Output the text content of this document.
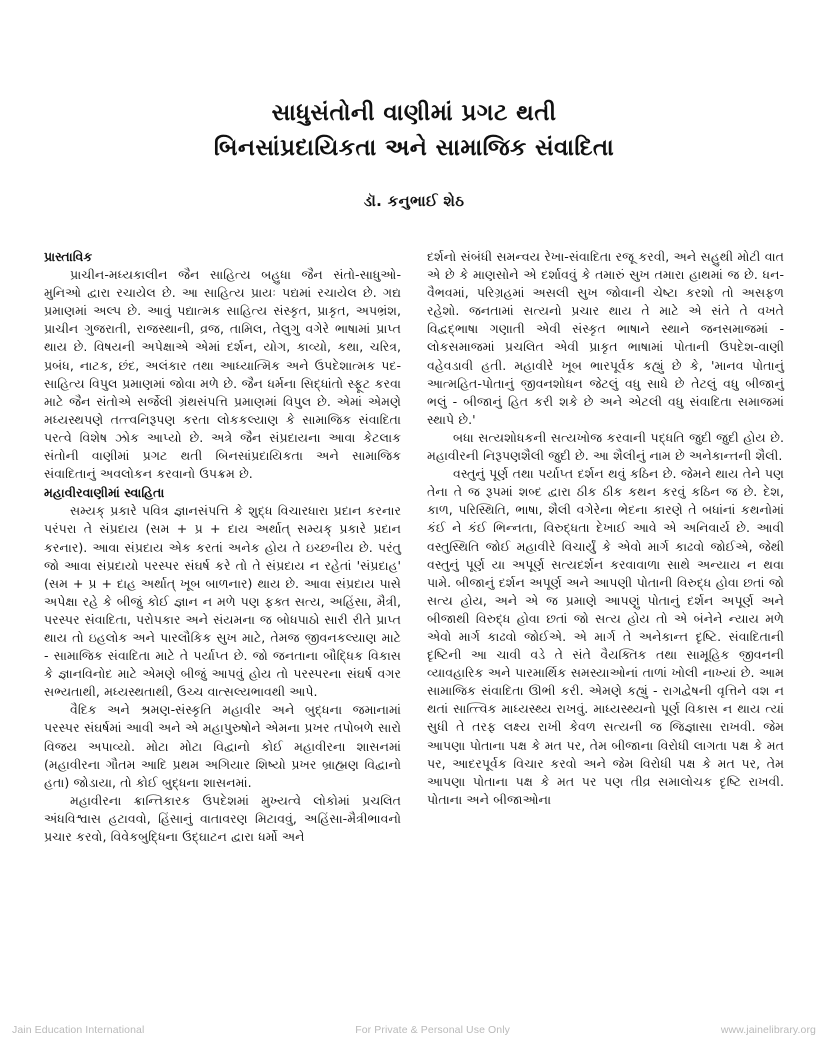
સાધુસંતોની વાણીમાં પ્રગટ થતી
બિનસાંપ્રદાયિકતા અને સામાજિક સંવાદિતા
ડૉ. કનુભાઈ શેઠ
પ્રાસ્તાવિક

પ્રાચીન-મધ્યકાલીન જૈન સાહિત્ય બહુધા જૈન સંતો-સાધુઓ-મુનિઓ દ્વારા રચાયેલ છે. આ સાહિત્ય પ્રાયઃ પદ્યમાં રચાયેલ છે. ગદ્ય પ્રમાણમાં અલ્પ છે. આવું પદ્યાત્મક સાહિત્ય સંસ્કૃત, પ્રાકૃત, અપભ્રંશ, પ્રાચીન ગુજરાતી, રાજસ્થાની, વ્રજ, તામિલ, તેલુગુ વગેરે ભાષામાં પ્રાપ્ત થાય છે. વિષયની અપેક્ષાએ એમાં દર્શન, યોગ, કાવ્યો, કથા, ચરિત્ર, પ્રબંધ, નાટક, છંદ, અલંકાર તથા આધ્યાત્મિક અને ઉપદેશાત્મક પદ-સાહિત્ય વિપુલ પ્રમાણમાં જોવા મળે છે. જૈન ધર્મના સિદ્ધાંતો સ્ફૂટ કરવા માટે જૈન સંતોએ સર્જેલી ગ્રંથસંપત્તિ પ્રમાણમાં વિપુલ છે. એમાં એમણે મધ્યસ્થપણે તત્ત્વનિરૂપણ કરતા લોકકલ્યાણ કે સામાજિક સંવાદિતા પરત્વે વિશેષ ઝોક આપ્યો છે. અત્રે જૈન સંપ્રદાયના આવા કેટલાક સંતોની વાણીમાં પ્રગટ થતી બિનસાંપ્રદાયિકતા અને સામાજિક સંવાદિતાનું અવલોકન કરવાનો ઉપક્રમ છે.

મહાવીરવાણીમાં સ્વાહિતા

સમ્યક્ પ્રકારે પવિત્ર જ્ઞાનસંપત્તિ કે શુદ્ધ વિચારધારા પ્રદાન કરનાર પરંપરા તે સંપ્રદાય (સમ + પ્ર + દાય અર્થાત્ સમ્યક્ પ્રકારે પ્રદાન કરનાર). આવા સંપ્રદાય એક કરતાં અનેક હોય તે ઇચ્છનીય છે. પરંતુ જો આવા સંપ્રદાયો પરસ્પર સંઘર્ષ કરે તો તે સંપ્રદાય ન રહેતાં 'સંપ્રદાહ' (સમ + પ્ર + દાહ અર્થાત્ ખૂબ બાળનાર) થાય છે. આવા સંપ્રદાય પાસે અપેક્ષા રહે કે બીજું કોઈ જ્ઞાન ન મળે પણ ફક્ત સત્ય, અહિંસા, મૈત્રી, પરસ્પર સંવાદિતા, પરોપકાર અને સંયમના જ બોધપાઠો સારી રીતે પ્રાપ્ત થાય તો ઇહલોક અને પારલૌકિક સુખ માટે, તેમજ જીવનકલ્યાણ માટે - સામાજિક સંવાદિતા માટે તે પર્યાપ્ત છે. જો જનતાના બૌદ્ધિક વિકાસ કે જ્ઞાનવિનોદ માટે એમણે બીજું આપવું હોય તો પરસ્પરના સંઘર્ષ વગર સભ્યતાથી, મધ્યસ્થતાથી, ઉચ્ચ વાત્સલ્યભાવથી આપે.

વૈદિક અને શ્રમણ-સંસ્કૃતિ મહાવીર અને બુદ્ધના જમાનામાં પરસ્પર સંઘર્ષમાં આવી અને એ મહાપુરુષોને એમના પ્રખર તપોબળે સારો વિજય અપાવ્યો. મોટા મોટા વિદ્વાનો કોઈ મહાવીરના શાસનમાં (મહાવીરના ગૌતમ આદિ પ્રથમ અગિયાર શિષ્યો પ્રખર બ્રાહ્મણ વિદ્વાનો હતા) જોડાયા, તો કોઈ બુદ્ધના શાસનમાં.

મહાવીરના ક્રાન્તિકારક ઉપદેશમાં મુખ્યત્વે લોકોમાં પ્રચલિત અંધવિશ્વાસ હટાવવો, હિંસાનું વાતાવરણ મિટાવવું, અહિંસા-મૈત્રીભાવનો પ્રચાર કરવો, વિવેકબુદ્ધિના ઉદ્ઘાટન દ્વારા ધર્મો અને

દર્શનો સંબંધી સમન્વય રેખા-સંવાદિતા રજૂ કરવી, અને સહુથી મોટી વાત એ છે કે માણસોને એ દર્શાવવું કે તમારું સુખ તમારા હાથમાં જ છે. ધન-વૈભવમાં, પરિગ્રહમાં અસલી સુખ જોવાની ચેષ્ટા કરશો તો અસફળ રહેશો. જનતામાં સત્યનો પ્રચાર થાય તે માટે એ સંતે તે વખતે વિદ્વદ્ભાષા ગણાતી એવી સંસ્કૃત ભાષાને સ્થાને જનસમાજમાં - લોકસમાજમાં પ્રચલિત એવી પ્રાકૃત ભાષામાં પોતાની ઉપદેશ-વાણી વહેવડાવી હતી. મહાવીરે ખૂબ ભારપૂર્વક કહ્યું છે કે, 'માનવ પોતાનું આત્મહિત-પોતાનું જીવનશોધન જેટલું વધુ સાધે છે તેટલું વધુ બીજાનું ભલું - બીજાનું હિત કરી શકે છે અને એટલી વધુ સંવાદિતા સમાજમાં સ્થાપે છે.'

બધા સત્યશોધકની સત્યખોજ કરવાની પદ્ધતિ જુદી જુદી હોય છે. મહાવીરની નિરૂપણશૈલી જુદી છે. આ શૈલીનું નામ છે અનેકાન્તની શૈલી.

વસ્તુનું પૂર્ણ તથા પર્યાપ્ત દર્શન થવું કઠિન છે. જેમને થાય તેને પણ તેના તે જ રૂપમાં શબ્દ દ્વારા ઠીક ઠીક કથન કરવું કઠિન જ છે. દેશ, કાળ, પરિસ્થિતિ, ભાષા, શૈલી વગેરેના ભેદના કારણે તે બધાંનાં કથનોમાં કંઈ ને કંઈ ભિન્નતા, વિરુદ્ધતા દેખાઈ આવે એ અનિવાર્ય છે. આવી વસ્તુસ્થિતિ જોઈ મહાવીરે વિચાર્યું કે એવો માર્ગ કાઢવો જોઈએ, જેથી વસ્તુનું પૂર્ણ યા અપૂર્ણ સત્યદર્શન કરવાવાળા સાથે અન્યાય ન થવા પામે. બીજાનું દર્શન અપૂર્ણ અને આપણી પોતાની વિરુદ્ધ હોવા છતાં જો સત્ય હોય, અને એ જ પ્રમાણે આપણું પોતાનું દર્શન અપૂર્ણ અને બીજાથી વિરુદ્ધ હોવા છતાં જો સત્ય હોય તો એ બંનેને ન્યાય મળે એવો માર્ગ કાઢવો જોઈએ. એ માર્ગ તે અનેકાન્ત દૃષ્ટિ. સંવાદિતાની દૃષ્ટિની આ ચાવી વડે તે સંતે વૈયક્તિક તથા સામૂહિક જીવનની વ્યાવહારિક અને પારમાર્થિક સમસ્યાઓનાં તાળાં ખોલી નાખ્યાં છે. આમ સામાજિક સંવાદિતા ઊભી કરી. એમણે કહ્યું - રાગદ્વેષની વૃત્તિને વશ ન થતાં સાત્ત્વિક માધ્યસ્થ્ય રાખવું. માધ્યસ્થ્યનો પૂર્ણ વિકાસ ન થાય ત્યાં સુધી તે તરફ લક્ષ્ય રાખી કેવળ સત્યની જ જિજ્ઞાસા રાખવી. જેમ આપણા પોતાના પક્ષ કે મત પર, તેમ બીજાના વિરોધી લાગતા પક્ષ કે મત પર, આદરપૂર્વક વિચાર કરવો અને જેમ વિરોધી પક્ષ કે મત પર, તેમ આપણા પોતાના પક્ષ કે મત પર પણ તીવ્ર સમાલોચક દૃષ્ટિ રાખવી. પોતાના અને બીજાઓના

Jain Education International	For Private & Personal Use Only	www.jainelibrary.org
